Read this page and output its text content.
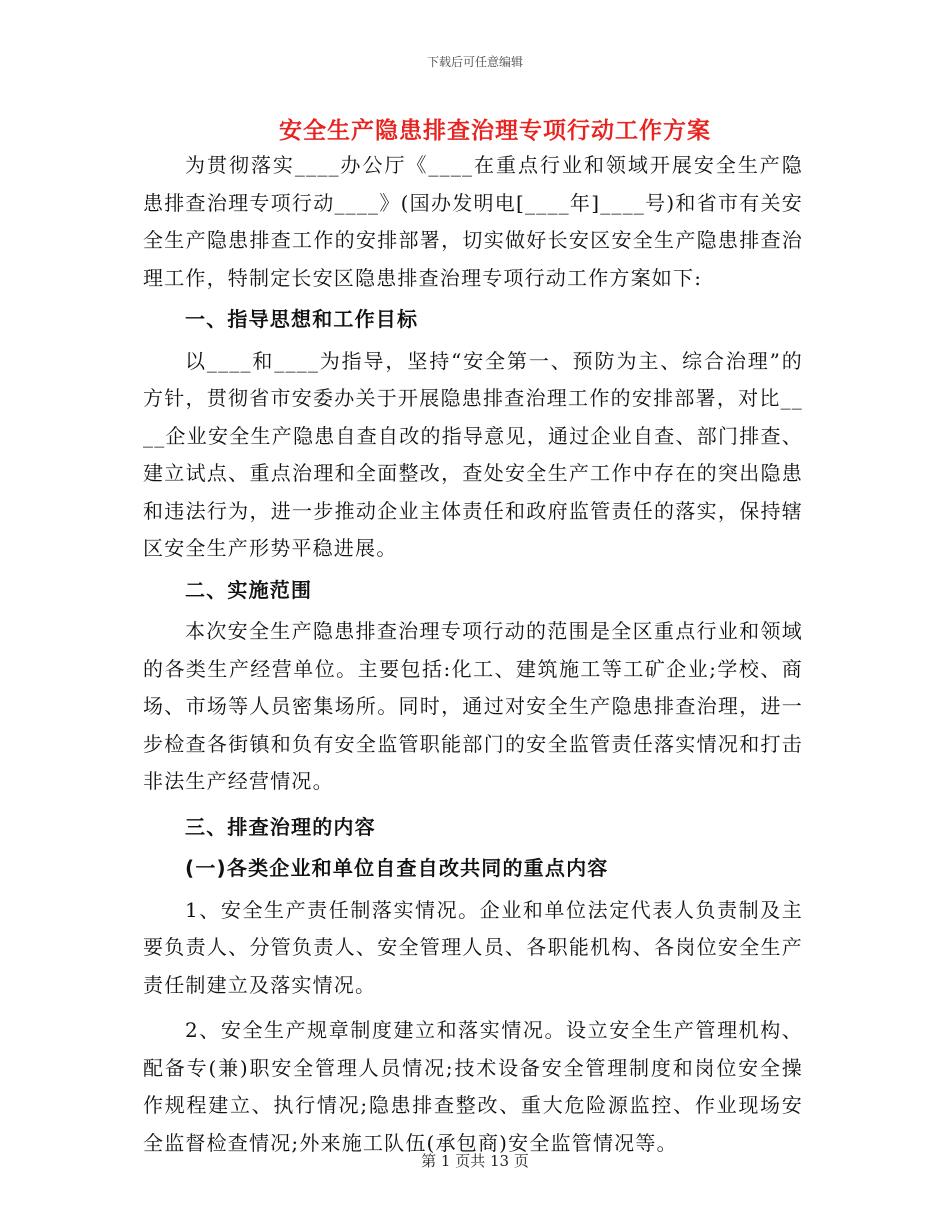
下载后可任意编辑
安全生产隐患排查治理专项行动工作方案

为贯彻落实____办公厅《____在重点行业和领域开展安全生产隐患排查治理专项行动____》(国办发明电[____年]____号)和省市有关安全生产隐患排查工作的安排部署，切实做好长安区安全生产隐患排查治理工作，特制定长安区隐患排查治理专项行动工作方案如下:

一、指导思想和工作目标

以____和____为指导，坚持“安全第一、预防为主、综合治理”的方针，贯彻省市安委办关于开展隐患排查治理工作的安排部署，对比____企业安全生产隐患自查自改的指导意见，通过企业自查、部门排查、建立试点、重点治理和全面整改，查处安全生产工作中存在的突出隐患和违法行为，进一步推动企业主体责任和政府监管责任的落实，保持辖区安全生产形势平稳进展。

二、实施范围

本次安全生产隐患排查治理专项行动的范围是全区重点行业和领域的各类生产经营单位。主要包括:化工、建筑施工等工矿企业;学校、商场、市场等人员密集场所。同时，通过对安全生产隐患排查治理，进一步检查各街镇和负有安全监管职能部门的安全监管责任落实情况和打击非法生产经营情况。

三、排查治理的内容

(一)各类企业和单位自查自改共同的重点内容

1、安全生产责任制落实情况。企业和单位法定代表人负责制及主要负责人、分管负责人、安全管理人员、各职能机构、各岗位安全生产责任制建立及落实情况。

2、安全生产规章制度建立和落实情况。设立安全生产管理机构、配备专(兼)职安全管理人员情况;技术设备安全管理制度和岗位安全操作规程建立、执行情况;隐患排查整改、重大危险源监控、作业现场安全监督检查情况;外来施工队伍(承包商)安全监管情况等。

第 1 页共 13 页
